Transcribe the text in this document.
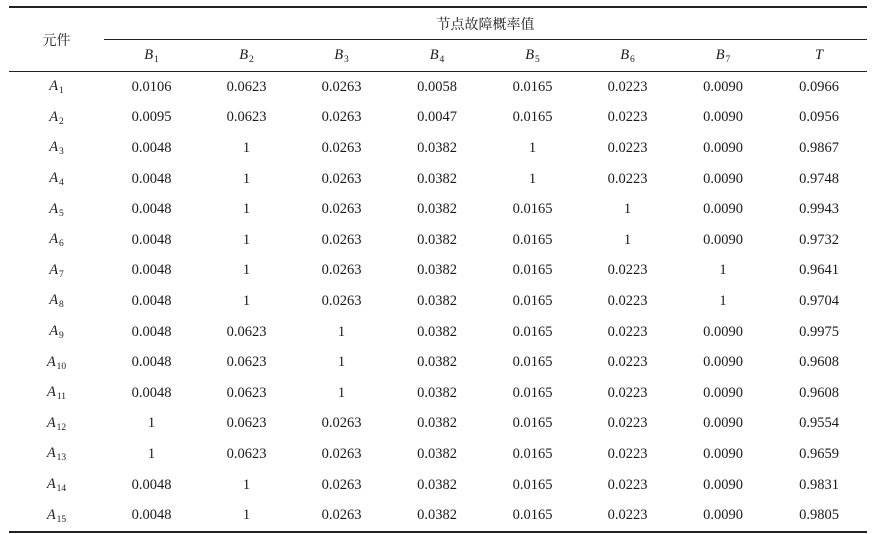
元件	节点故障概率值							

	$B_1$	$B_2$	$B_3$	$B_4$	$B_5$	$B_6$	$B_7$	T
$A_1$	0.0106	0.0623	0.0263	0.0058	0.0165	0.0223	0.0090	0.0966
$A_2$	0.0095	0.0623	0.0263	0.0047	0.0165	0.0223	0.0090	0.0956
$A_3$	0.0048	1	0.0263	0.0382	1	0.0223	0.0090	0.9867
$A_4$	0.0048	1	0.0263	0.0382	1	0.0223	0.0090	0.9748
$A_5$	0.0048	1	0.0263	0.0382	0.0165	1	0.0090	0.9943
$A_6$	0.0048	1	0.0263	0.0382	0.0165	1	0.0090	0.9732
$A_7$	0.0048	1	0.0263	0.0382	0.0165	0.0223	1	0.9641
$A_8$	0.0048	1	0.0263	0.0382	0.0165	0.0223	1	0.9704
$A_9$	0.0048	0.0623	1	0.0382	0.0165	0.0223	0.0090	0.9975
$A_{10}$	0.0048	0.0623	1	0.0382	0.0165	0.0223	0.0090	0.9608
$A_{11}$	0.0048	0.0623	1	0.0382	0.0165	0.0223	0.0090	0.9608
$A_{12}$	1	0.0623	0.0263	0.0382	0.0165	0.0223	0.0090	0.9554
$A_{13}$	1	0.0623	0.0263	0.0382	0.0165	0.0223	0.0090	0.9659
$A_{14}$	0.0048	1	0.0263	0.0382	0.0165	0.0223	0.0090	0.9831
$A_{15}$	0.0048	1	0.0263	0.0382	0.0165	0.0223	0.0090	0.9805
